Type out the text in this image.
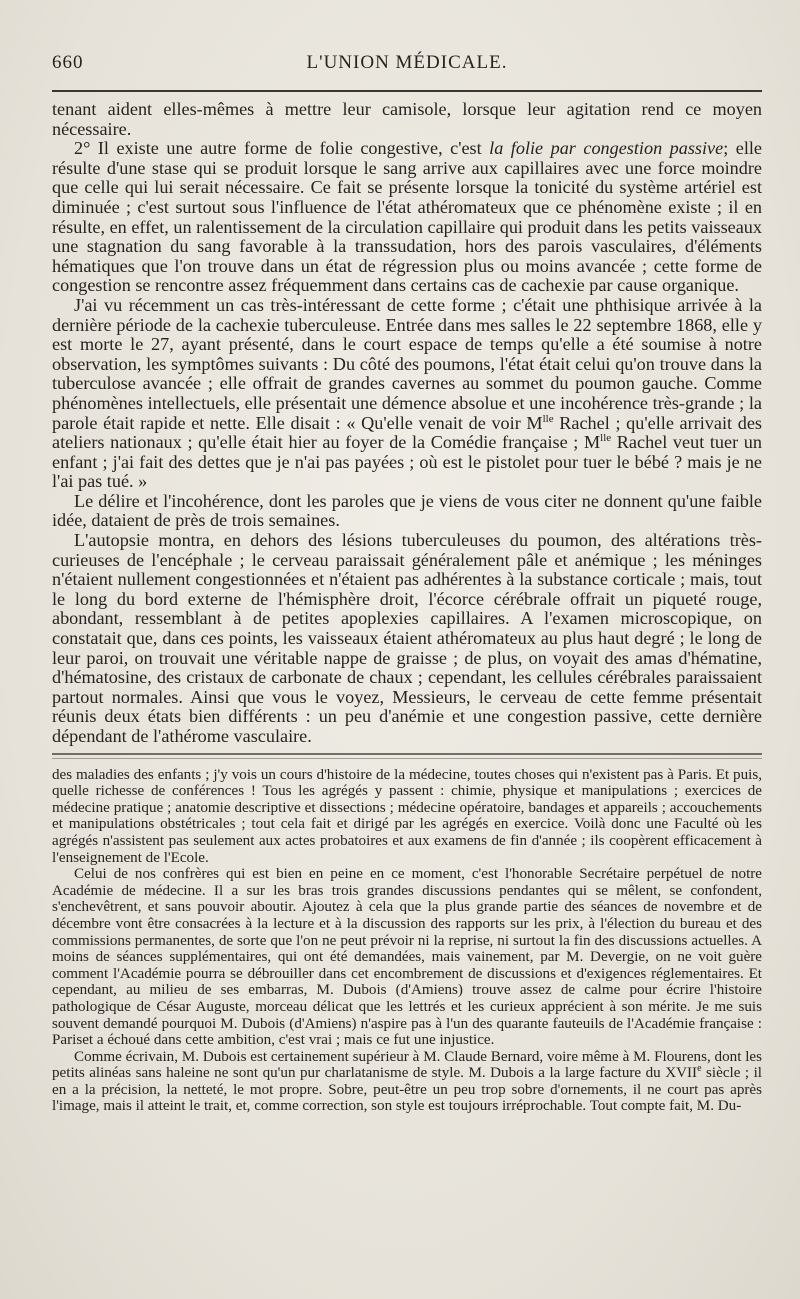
660	L'UNION MÉDICALE.

tenant aident elles-mêmes à mettre leur camisole, lorsque leur agitation rend ce moyen nécessaire.

2° Il existe une autre forme de folie congestive, c'est la folie par congestion passive; elle résulte d'une stase qui se produit lorsque le sang arrive aux capillaires avec une force moindre que celle qui lui serait nécessaire. Ce fait se présente lorsque la tonicité du système artériel est diminuée ; c'est surtout sous l'influence de l'état athéromateux que ce phénomène existe ; il en résulte, en effet, un ralentissement de la circulation capillaire qui produit dans les petits vaisseaux une stagnation du sang favorable à la transsudation, hors des parois vasculaires, d'éléments hématiques que l'on trouve dans un état de régression plus ou moins avancée ; cette forme de congestion se rencontre assez fréquemment dans certains cas de cachexie par cause organique.

J'ai vu récemment un cas très-intéressant de cette forme ; c'était une phthisique arrivée à la dernière période de la cachexie tuberculeuse. Entrée dans mes salles le 22 septembre 1868, elle y est morte le 27, ayant présenté, dans le court espace de temps qu'elle a été soumise à notre observation, les symptômes suivants : Du côté des poumons, l'état était celui qu'on trouve dans la tuberculose avancée ; elle offrait de grandes cavernes au sommet du poumon gauche. Comme phénomènes intellectuels, elle présentait une démence absolue et une incohérence très-grande ; la parole était rapide et nette. Elle disait : « Qu'elle venait de voir $M^{lle}$ Rachel ; qu'elle arrivait des ateliers nationaux ; qu'elle était hier au foyer de la Comédie française ; $M^{lle}$ Rachel veut tuer un enfant ; j'ai fait des dettes que je n'ai pas payées ; où est le pistolet pour tuer le bébé ? mais je ne l'ai pas tué. »

Le délire et l'incohérence, dont les paroles que je viens de vous citer ne donnent qu'une faible idée, dataient de près de trois semaines.

L'autopsie montra, en dehors des lésions tuberculeuses du poumon, des altérations très-curieuses de l'encéphale ; le cerveau paraissait généralement pâle et anémique ; les méninges n'étaient nullement congestionnées et n'étaient pas adhérentes à la substance corticale ; mais, tout le long du bord externe de l'hémisphère droit, l'écorce cérébrale offrait un piqueté rouge, abondant, ressemblant à de petites apoplexies capillaires. A l'examen microscopique, on constatait que, dans ces points, les vaisseaux étaient athéromateux au plus haut degré ; le long de leur paroi, on trouvait une véritable nappe de graisse ; de plus, on voyait des amas d'hématine, d'hématosine, des cristaux de carbonate de chaux ; cependant, les cellules cérébrales paraissaient partout normales. Ainsi que vous le voyez, Messieurs, le cerveau de cette femme présentait réunis deux états bien différents : un peu d'anémie et une congestion passive, cette dernière dépendant de l'athérome vasculaire.

des maladies des enfants ; j'y vois un cours d'histoire de la médecine, toutes choses qui n'existent pas à Paris. Et puis, quelle richesse de conférences ! Tous les agrégés y passent : chimie, physique et manipulations ; exercices de médecine pratique ; anatomie descriptive et dissections ; médecine opératoire, bandages et appareils ; accouchements et manipulations obstétricales ; tout cela fait et dirigé par les agrégés en exercice. Voilà donc une Faculté où les agrégés n'assistent pas seulement aux actes probatoires et aux examens de fin d'année ; ils coopèrent efficacement à l'enseignement de l'Ecole.

Celui de nos confrères qui est bien en peine en ce moment, c'est l'honorable Secrétaire perpétuel de notre Académie de médecine. Il a sur les bras trois grandes discussions pendantes qui se mêlent, se confondent, s'enchevêtrent, et sans pouvoir aboutir. Ajoutez à cela que la plus grande partie des séances de novembre et de décembre vont être consacrées à la lecture et à la discussion des rapports sur les prix, à l'élection du bureau et des commissions permanentes, de sorte que l'on ne peut prévoir ni la reprise, ni surtout la fin des discussions actuelles. A moins de séances supplémentaires, qui ont été demandées, mais vainement, par M. Devergie, on ne voit guère comment l'Académie pourra se débrouiller dans cet encombrement de discussions et d'exigences réglementaires. Et cependant, au milieu de ses embarras, M. Dubois (d'Amiens) trouve assez de calme pour écrire l'histoire pathologique de César Auguste, morceau délicat que les lettrés et les curieux apprécient à son mérite. Je me suis souvent demandé pourquoi M. Dubois (d'Amiens) n'aspire pas à l'un des quarante fauteuils de l'Académie française : Pariset a échoué dans cette ambition, c'est vrai ; mais ce fut une injustice.

Comme écrivain, M. Dubois est certainement supérieur à M. Claude Bernard, voire même à M. Flourens, dont les petits alinéas sans haleine ne sont qu'un pur charlatanisme de style. M. Dubois a la large facture du XVIIe siècle ; il en a la précision, la netteté, le mot propre. Sobre, peut-être un peu trop sobre d'ornements, il ne court pas après l'image, mais il atteint le trait, et, comme correction, son style est toujours irréprochable. Tout compte fait, M. Du-
